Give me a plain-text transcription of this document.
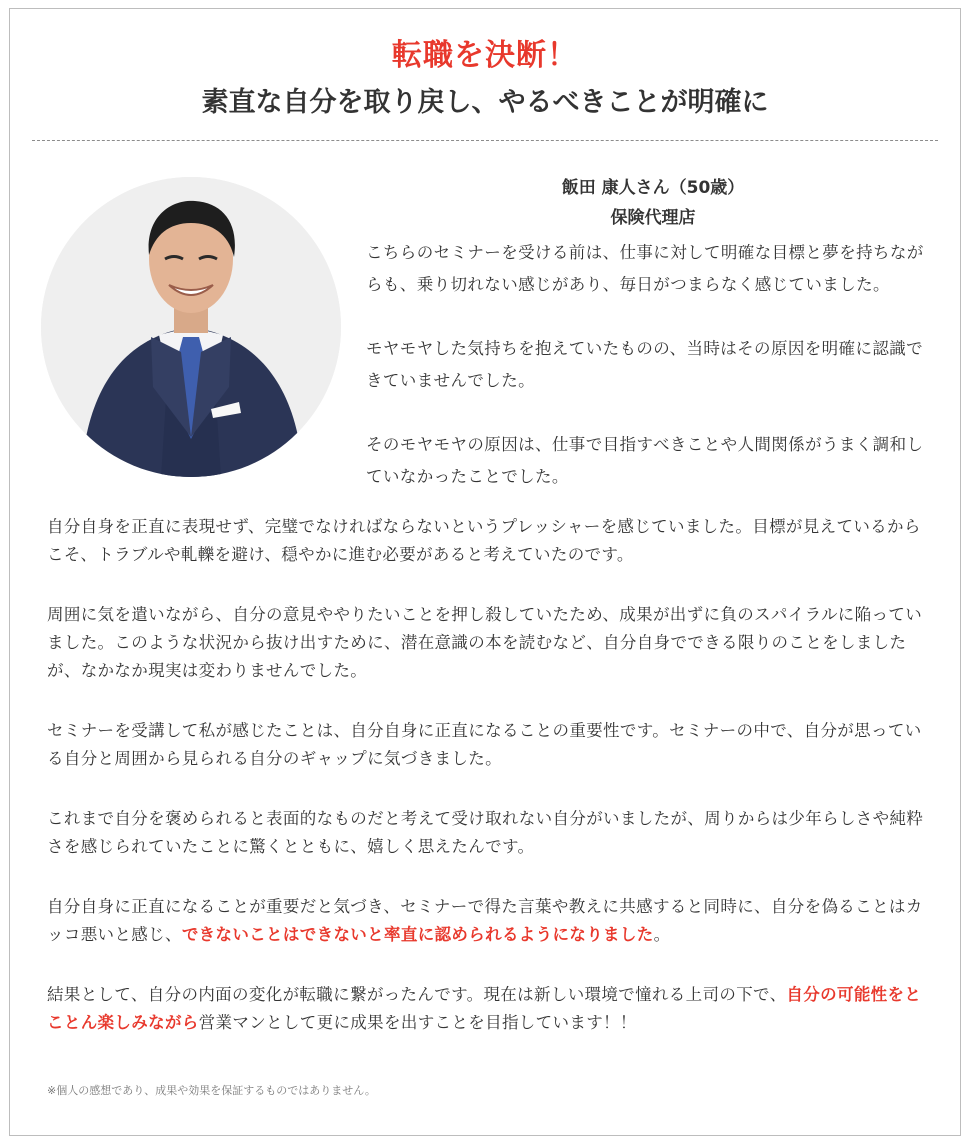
転職を決断！
素直な自分を取り戻し、やるべきことが明確に
飯田 康人さん（50歳）
保険代理店

こちらのセミナーを受ける前は、仕事に対して明確な目標と夢を持ちながらも、乗り切れない感じがあり、毎日がつまらなく感じていました。

モヤモヤした気持ちを抱えていたものの、当時はその原因を明確に認識できていませんでした。

そのモヤモヤの原因は、仕事で目指すべきことや人間関係がうまく調和していなかったことでした。

自分自身を正直に表現せず、完璧でなければならないというプレッシャーを感じていました。目標が見えているからこそ、トラブルや軋轢を避け、穏やかに進む必要があると考えていたのです。

周囲に気を遣いながら、自分の意見ややりたいことを押し殺していたため、成果が出ずに負のスパイラルに陥っていました。このような状況から抜け出すために、潜在意識の本を読むなど、自分自身でできる限りのことをしましたが、なかなか現実は変わりませんでした。

セミナーを受講して私が感じたことは、自分自身に正直になることの重要性です。セミナーの中で、自分が思っている自分と周囲から見られる自分のギャップに気づきました。

これまで自分を褒められると表面的なものだと考えて受け取れない自分がいましたが、周りからは少年らしさや純粋さを感じられていたことに驚くとともに、嬉しく思えたんです。

自分自身に正直になることが重要だと気づき、セミナーで得た言葉や教えに共感すると同時に、自分を偽ることはカッコ悪いと感じ、できないことはできないと率直に認められるようになりました。

結果として、自分の内面の変化が転職に繋がったんです。現在は新しい環境で憧れる上司の下で、自分の可能性をとことん楽しみながら営業マンとして更に成果を出すことを目指しています！！

※個人の感想であり、成果や効果を保証するものではありません。
